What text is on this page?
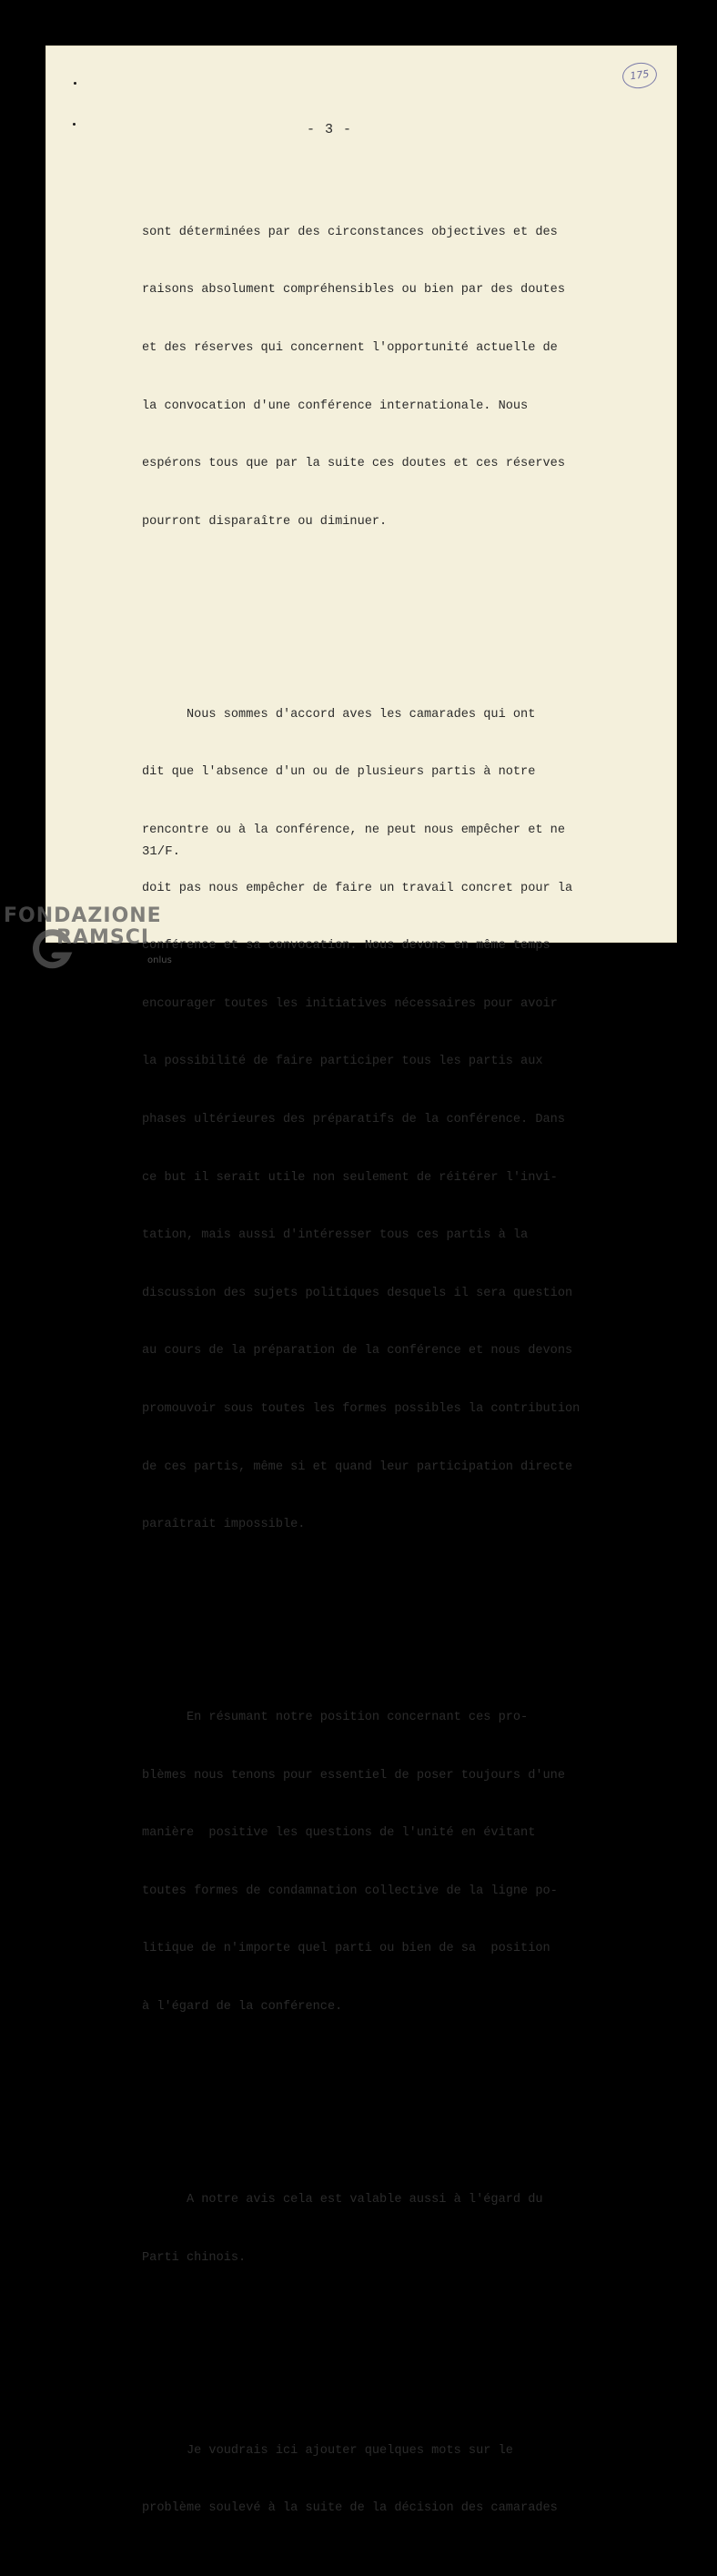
175
- 3 -

sont déterminées par des circonstances objectives et des

raisons absolument compréhensibles ou bien par des doutes

et des réserves qui concernent l'opportunité actuelle de

la convocation d'une conférence internationale. Nous

espérons tous que par la suite ces doutes et ces réserves

pourront disparaître ou diminuer.

Nous sommes d'accord aves les camarades qui ont

dit que l'absence d'un ou de plusieurs partis à notre

rencontre ou à la conférence, ne peut nous empêcher et ne

doit pas nous empêcher de faire un travail concret pour la

conférence et sa convocation. Nous devons en même temps

encourager toutes les initiatives nécessaires pour avoir

la possibilité de faire participer tous les partis aux

phases ultérieures des préparatifs de la conférence. Dans

ce but il serait utile non seulement de réitérer l'invi-

tation, mais aussi d'intéresser tous ces partis à la

discussion des sujets politiques desquels il sera question

au cours de la préparation de la conférence et nous devons

promouvoir sous toutes les formes possibles la contribution

de ces partis, même si et quand leur participation directe

paraîtrait impossible.

En résumant notre position concernant ces pro-

blèmes nous tenons pour essentiel de poser toujours d'une

manière  positive les questions de l'unité en évitant

toutes formes de condamnation collective de la ligne po-

litique de n'importe quel parti ou bien de sa  position

à l'égard de la conférence.

A notre avis cela est valable aussi à l'égard du

Parti chinois.

Je voudrais ici ajouter quelques mots sur le

problème soulevé à la suite de la décision des camarades

31/F.
FONDAZIONE
RAMSCI
onlus
